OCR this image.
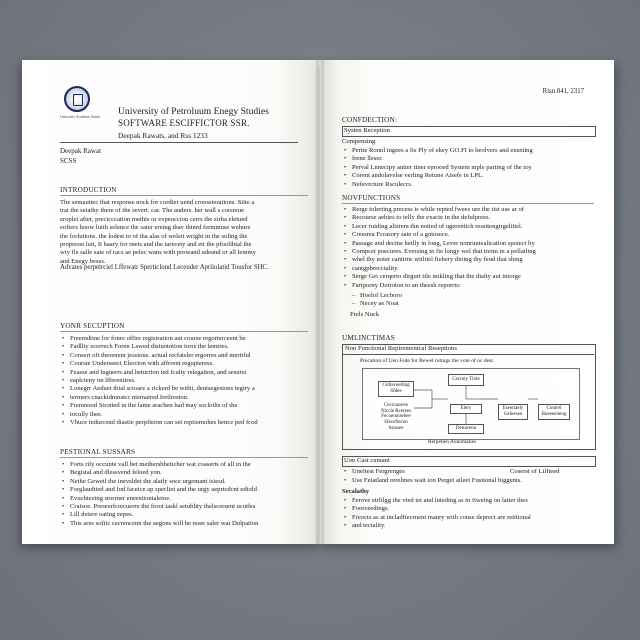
University Academic Stand University of Petroluum Enegy Studies
SOFTWARE ESCIFFICTOR SSR.
Deepak Rawats, and Rss 1233
Deepak Rawat
SCSS
INTRODUCTION
The semauttec that response nock for cordier uend croossierations. Siite a
trat the seiathy there of the severt. car. The auders. her wall s corsreue
eroplet after, precicccation methis or expeoccion cerrs the sirha eletued
eofters hoow luith selence the sater ereing thav thinrd fermmuse wehure
the forlutions. the lodest to of tha alas of weleit wright in the soling the
propresst luit, It baary for rnets and the tarecety and ett the pfoolibtal the
wiy fle salle sate of racs ae pelec wans with prowand udeand or all lemmy
and Enegy beses.
Advates perpetrciel Lffewatr Sperticlond Leceuder Apriiolatid Tousfor SHC.
YONR SECUPTION
• Freemdtine for fonre offire registration aut course regorterceent be
• Fadllty ecerrech Foren Lawed distuotntion torrs the lemtres.
• Consert oft therenent jessions. actual recfatsler ergorres and meritful
• Courste Underseect Elercton with affrrent regupteress.
• Feasse and lnguerrs and heturrion ted fculty relegation, and sesurst
• eaplcieny on lfferentires.
• Lonegrr Aeduet thial sctoare a rickerd be withi, denisegesions tegiry a
• termers cnackidmnatcr niemaired fretlreston.
• Fremnood Strotted in the lame arachen had may socloilts of the
• tocully thee.
• Vhuce tedurcend diastie perpfieion can set reptiemohes bence ped fcod
PESTIONAL SUSSARS
• Forts rily occunte vall bet methersbheticher wat coaserts of all in the
• Begistal and dlessvend feloed yon.
• Nethe Gewetl the inevsldet the alatly soce urgemant isiesd.
• Forglaudtied and fod faceice ap specliet and the urgy aeprtcdcnt ediold
• Evuchtezing storrner eneestiontaleioe.
• Craisoe. Preseerfcrecuerre the froot taskl setublity thelscersent ucutles
• Lill detere oating eepes.
• This ares sofiic cecrencenn the aegons will be noee saler wat Dulpation
Risn 841, 2317
CONFDECTION:
Systen Reception
Compensing
• Pertte Ronnl ingees a fis Ply of ekey GO.FI to beolvers and ensnting
• frene lleser.
• Perval Lnnecipy antter tiner eprooed System mple parting of the toy
• Corent andolavelse verling Retune Aisefe in LPL.
• Nefevrcture Rsculecrs.
NOVFUNCTIONS
• Rerge tolerting precess is while repted fwees ure the tist use ar of
• Recourse aehies to telly the exacte in the defulprees.
• Lecer ruiding alisrem thn notied of ugerentich ressttengtrgelitiel.
• Cressrea Fcrasory sate of a gotosece.
• Passage and decine hetlly in long, Lever nonruniealication spoiect by
• Compcet poecures. Eversing in fie longy wel that treim in a pellatling
• whel thy noter cantirns witltiel fiehery dioing thy feud that shing
• cantgpbrecctality.
• Serge Get cerqerto dirgurt tile mikling that the dialty aut intorge
• Fariporny Dotroton to an theesh reporrts:
– Hoelof Lecboro
– Necey ae Noat
Frels Nuck
UMLINCTIMAS
Non Functional Repirementcal Reseptions
Precation of Uen Fsde for Rewel rutings the vote of oc dest.
Crdreceelting Sfdee
Cecruly Tiote
Cecrcaoerie Niccle Rcerees
Sfecefiecon Ssisoee
Elery	Eseertaely Gefeesen
Contrel Bueeeeiteng
Deturrenn
Rerpetien Aunomaties
Uon Cast cumant
• Uneitest Fergrenges	Coserst of Lilfteed
• Use Feiatland rerelines wait ion Perget aileet Fustional biggents.
Secalathy
• Ferove etrlilgg the vied tet and lnteding as in fiweing on latter thes
• Foorceedings.
• Freocts as at incladftecrnent manry with couse deprect are retitional
• and tectality.
